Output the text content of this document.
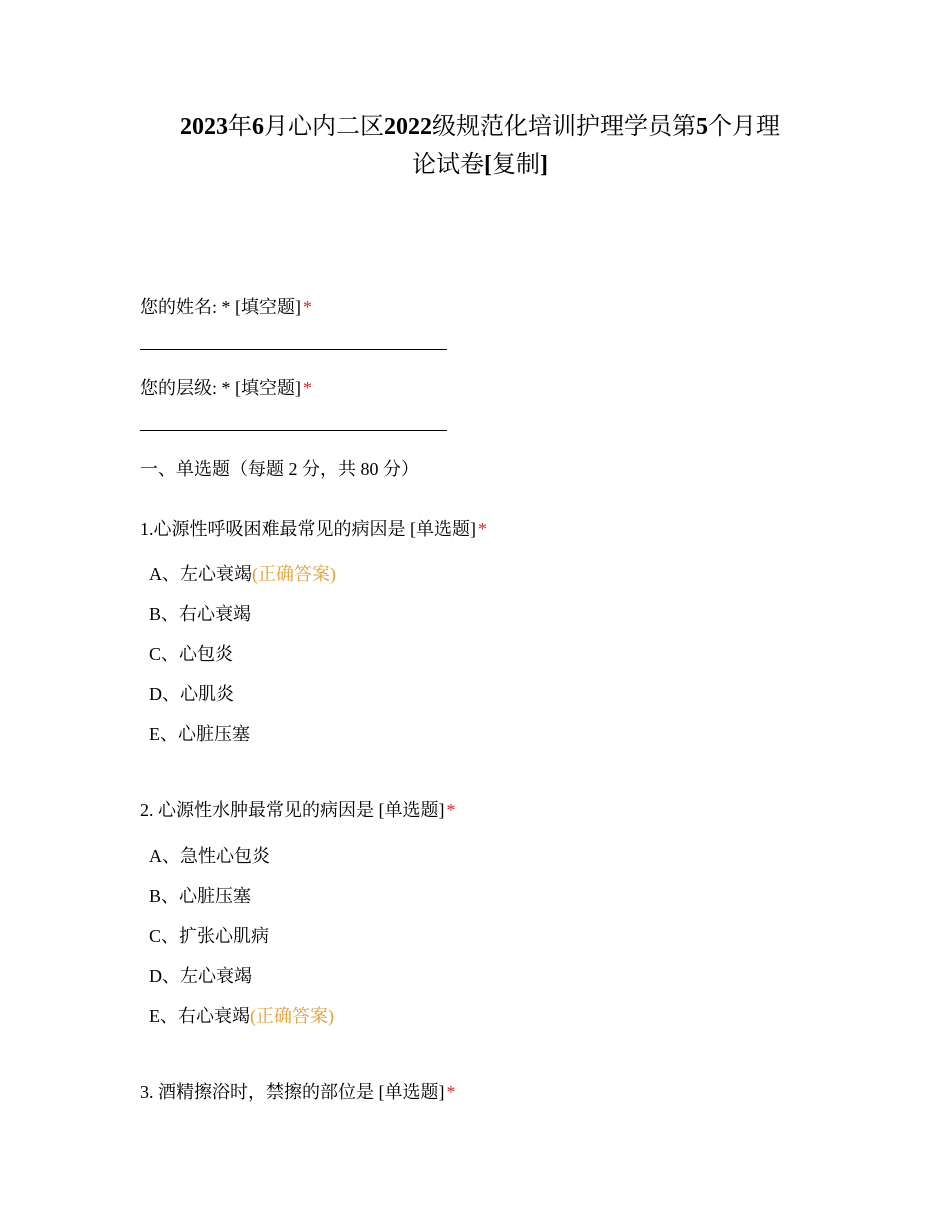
2023年6月心内二区2022级规范化培训护理学员第5个月理
论试卷[复制]
您的姓名: * [填空题] *
您的层级: * [填空题] *
一、单选题（每题 2 分，共 80 分）
1.心源性呼吸困难最常见的病因是 [单选题] *
A、左心衰竭(正确答案)
B、右心衰竭
C、心包炎
D、心肌炎
E、心脏压塞
2. 心源性水肿最常见的病因是 [单选题] *
A、急性心包炎
B、心脏压塞
C、扩张心肌病
D、左心衰竭
E、右心衰竭(正确答案)
3. 酒精擦浴时，禁擦的部位是 [单选题] *
